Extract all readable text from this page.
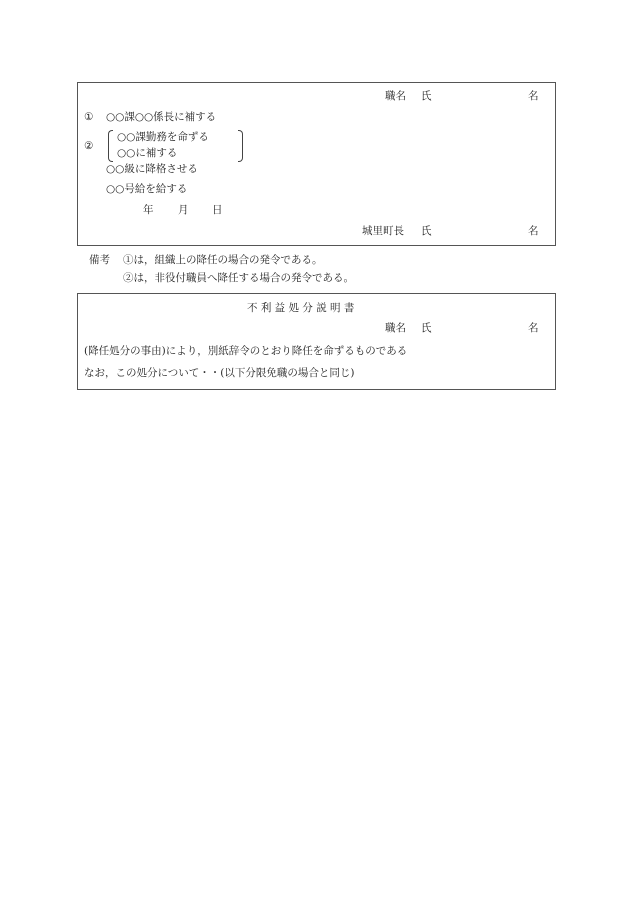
職名 氏	名
① ○○課○○係長に補する
②
○○課勤務を命ずる
○○に補する
○○級に降格させる
○○号給を給する
年 月 日
城里町長 氏	名
備考 ①は，組織上の降任の場合の発令である。
②は，非役付職員へ降任する場合の発令である。
不 利 益 処 分 説 明 書
職名 氏	名
(降任処分の事由)により，別紙辞令のとおり降任を命ずるものである
なお，この処分について・・(以下分限免職の場合と同じ)
